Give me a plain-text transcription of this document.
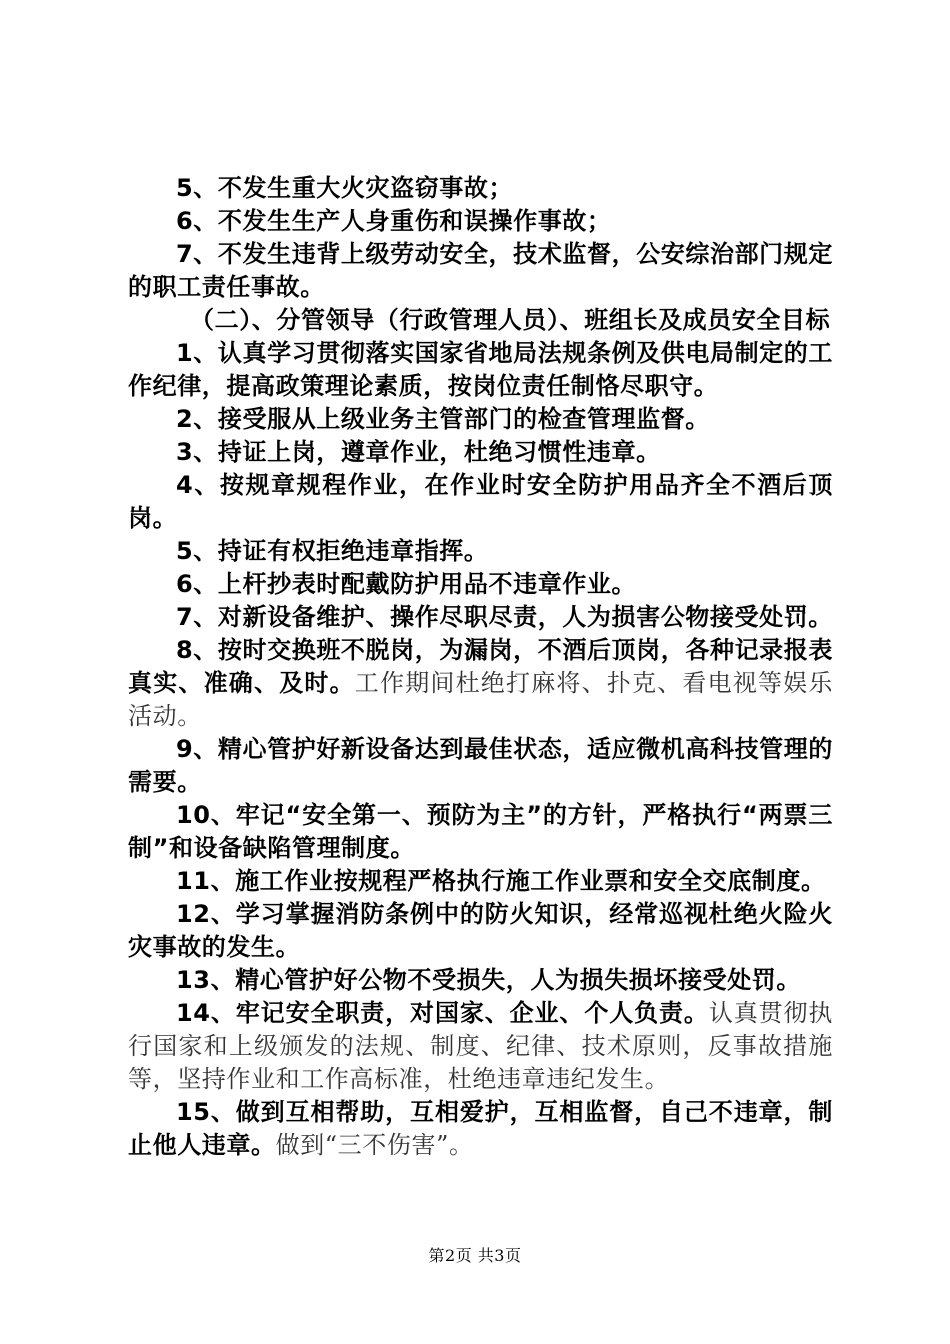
5、不发生重大火灾盗窃事故；

6、不发生生产人身重伤和误操作事故；

7、不发生违背上级劳动安全，技术监督，公安综治部门规定的职工责任事故。

（二）、分管领导（行政管理人员）、班组长及成员安全目标

1、认真学习贯彻落实国家省地局法规条例及供电局制定的工作纪律，提高政策理论素质，按岗位责任制恪尽职守。

2、接受服从上级业务主管部门的检查管理监督。

3、持证上岗，遵章作业，杜绝习惯性违章。

4、按规章规程作业，在作业时安全防护用品齐全不酒后顶岗。

5、持证有权拒绝违章指挥。

6、上杆抄表时配戴防护用品不违章作业。

7、对新设备维护、操作尽职尽责，人为损害公物接受处罚。

8、按时交换班不脱岗，为漏岗，不酒后顶岗，各种记录报表真实、准确、及时。工作期间杜绝打麻将、扑克、看电视等娱乐活动。

9、精心管护好新设备达到最佳状态，适应微机高科技管理的需要。

10、牢记“安全第一、预防为主”的方针，严格执行“两票三制”和设备缺陷管理制度。

11、施工作业按规程严格执行施工作业票和安全交底制度。

12、学习掌握消防条例中的防火知识，经常巡视杜绝火险火灾事故的发生。

13、精心管护好公物不受损失，人为损失损坏接受处罚。

14、牢记安全职责，对国家、企业、个人负责。认真贯彻执行国家和上级颁发的法规、制度、纪律、技术原则，反事故措施等，坚持作业和工作高标准，杜绝违章违纪发生。

15、做到互相帮助，互相爱护，互相监督，自己不违章，制止他人违章。做到“三不伤害”。

第2页 共3页
